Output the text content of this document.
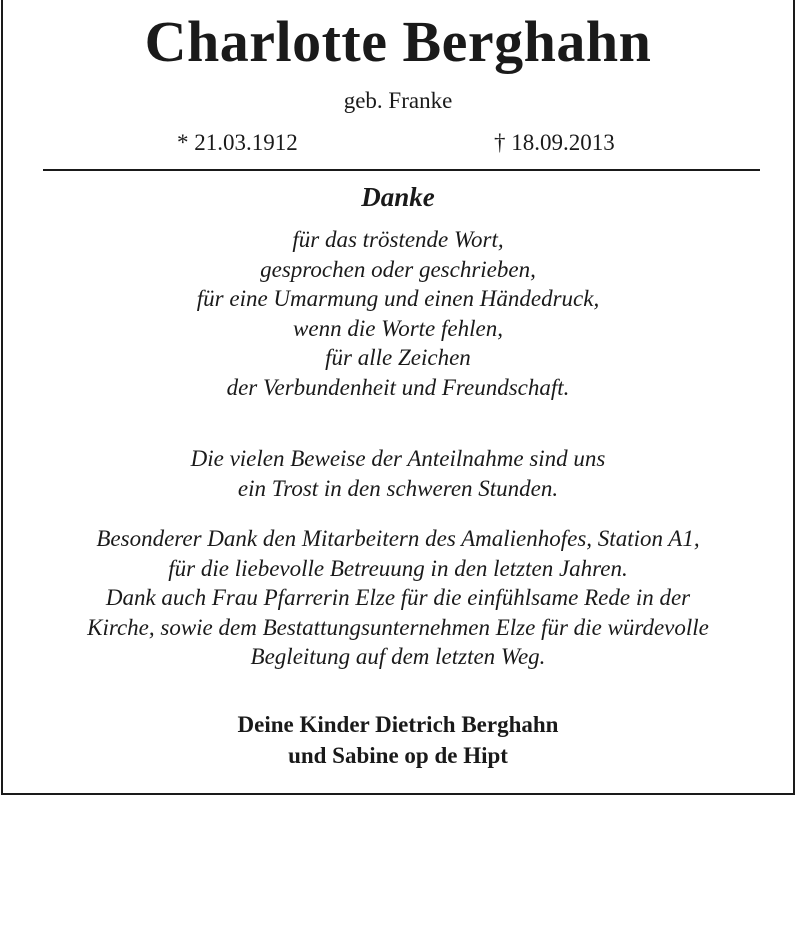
Charlotte Berghahn
geb. Franke
* 21.03.1912	† 18.09.2013
Danke
für das tröstende Wort,
gesprochen oder geschrieben,
für eine Umarmung und einen Händedruck,
wenn die Worte fehlen,
für alle Zeichen
der Verbundenheit und Freundschaft.
Die vielen Beweise der Anteilnahme sind uns
ein Trost in den schweren Stunden.
Besonderer Dank den Mitarbeitern des Amalienhofes, Station A1,
für die liebevolle Betreuung in den letzten Jahren.
Dank auch Frau Pfarrerin Elze für die einfühlsame Rede in der
Kirche, sowie dem Bestattungsunternehmen Elze für die würdevolle
Begleitung auf dem letzten Weg.
Deine Kinder Dietrich Berghahn
und Sabine op de Hipt
